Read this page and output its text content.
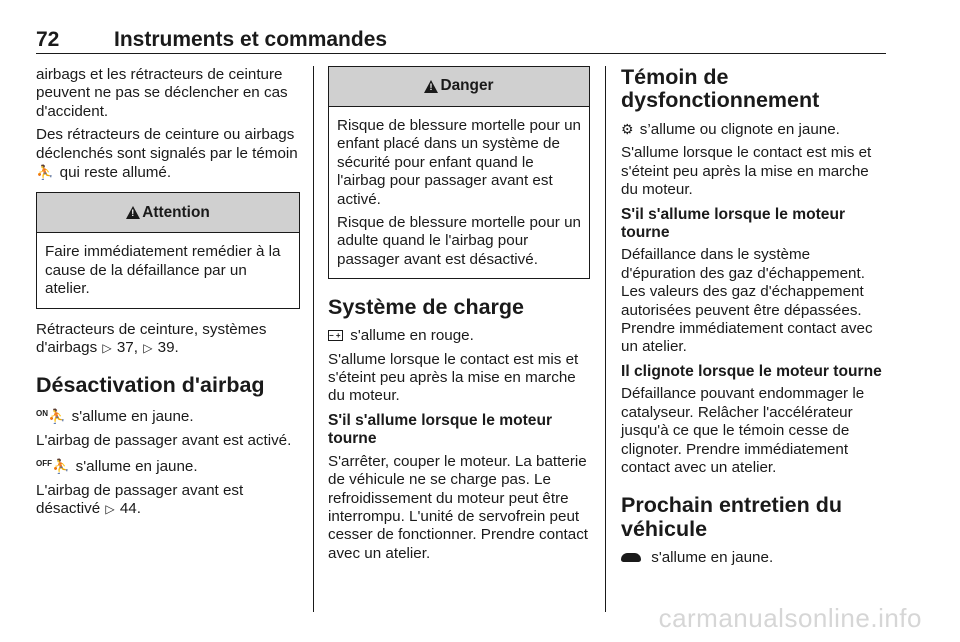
72	Instruments et commandes

airbags et les rétracteurs de ceinture peuvent ne pas se déclencher en cas d'accident.

Des rétracteurs de ceinture ou airbags déclenchés sont signalés par le témoin ⛹ qui reste allumé.

!
Attention

Faire immédiatement remédier à la cause de la défaillance par un atelier.

Rétracteurs de ceinture, systèmes d'airbags ▷ 37, ▷ 39.

Désactivation d'airbag

$^{ON}$⛹ s'allume en jaune.

L'airbag de passager avant est activé.

$^{OFF}$⛹ s'allume en jaune.

L'airbag de passager avant est désactivé ▷ 44.

!
Danger

Risque de blessure mortelle pour un enfant placé dans un système de sécurité pour enfant quand le l'airbag pour passager avant est activé.

Risque de blessure mortelle pour un adulte quand le l'airbag pour passager avant est désactivé.

Système de charge

− + s'allume en rouge.

S'allume lorsque le contact est mis et s'éteint peu après la mise en marche du moteur.

S'il s'allume lorsque le moteur tourne

S'arrêter, couper le moteur. La batterie de véhicule ne se charge pas. Le refroidissement du moteur peut être interrompu. L'unité de servofrein peut cesser de fonctionner. Prendre contact avec un atelier.

Témoin de dysfonctionnement

⚙ s’allume ou clignote en jaune.

S'allume lorsque le contact est mis et s'éteint peu après la mise en marche du moteur.

S'il s'allume lorsque le moteur tourne

Défaillance dans le système d'épuration des gaz d'échappement. Les valeurs des gaz d'échappement autorisées peuvent être dépassées. Prendre immédiatement contact avec un atelier.

Il clignote lorsque le moteur tourne

Défaillance pouvant endommager le catalyseur. Relâcher l'accélérateur jusqu'à ce que le témoin cesse de clignoter. Prendre immédiatement contact avec un atelier.

Prochain entretien du véhicule

s'allume en jaune.

carmanualsonline.info
